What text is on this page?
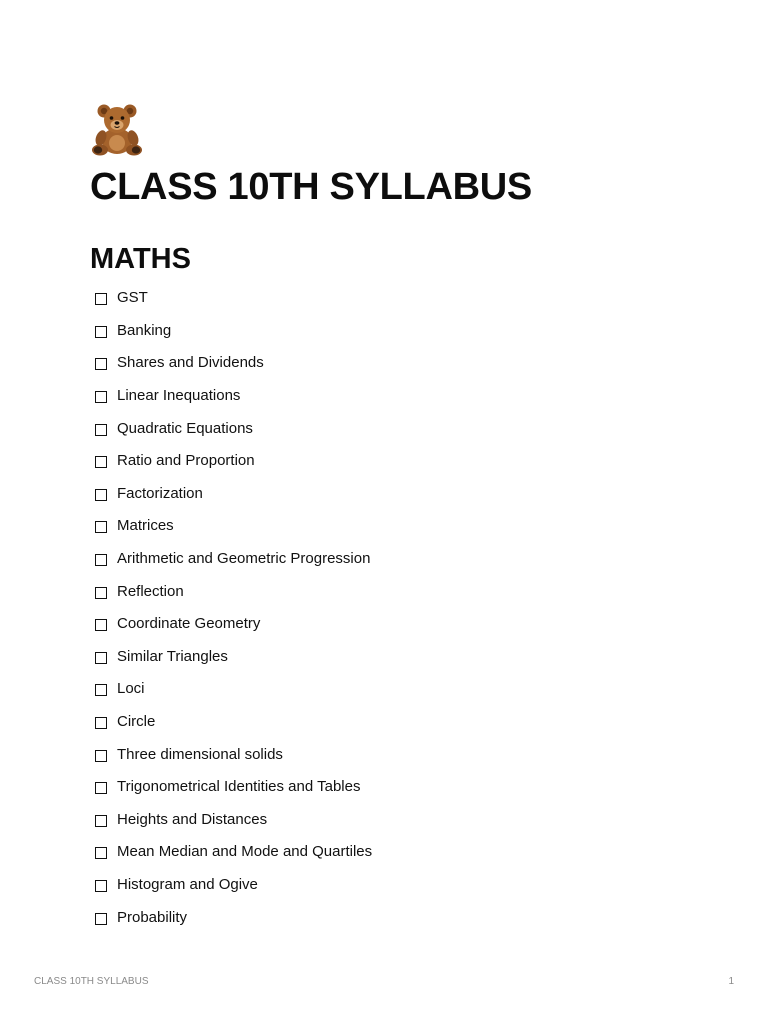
CLASS 10TH SYLLABUS
MATHS
GST
Banking
Shares and Dividends
Linear Inequations
Quadratic Equations
Ratio and Proportion
Factorization
Matrices
Arithmetic and Geometric Progression
Reflection
Coordinate Geometry
Similar Triangles
Loci
Circle
Three dimensional solids
Trigonometrical Identities and Tables
Heights and Distances
Mean Median and Mode and Quartiles
Histogram and Ogive
Probability
CLASS 10TH SYLLABUS	1
